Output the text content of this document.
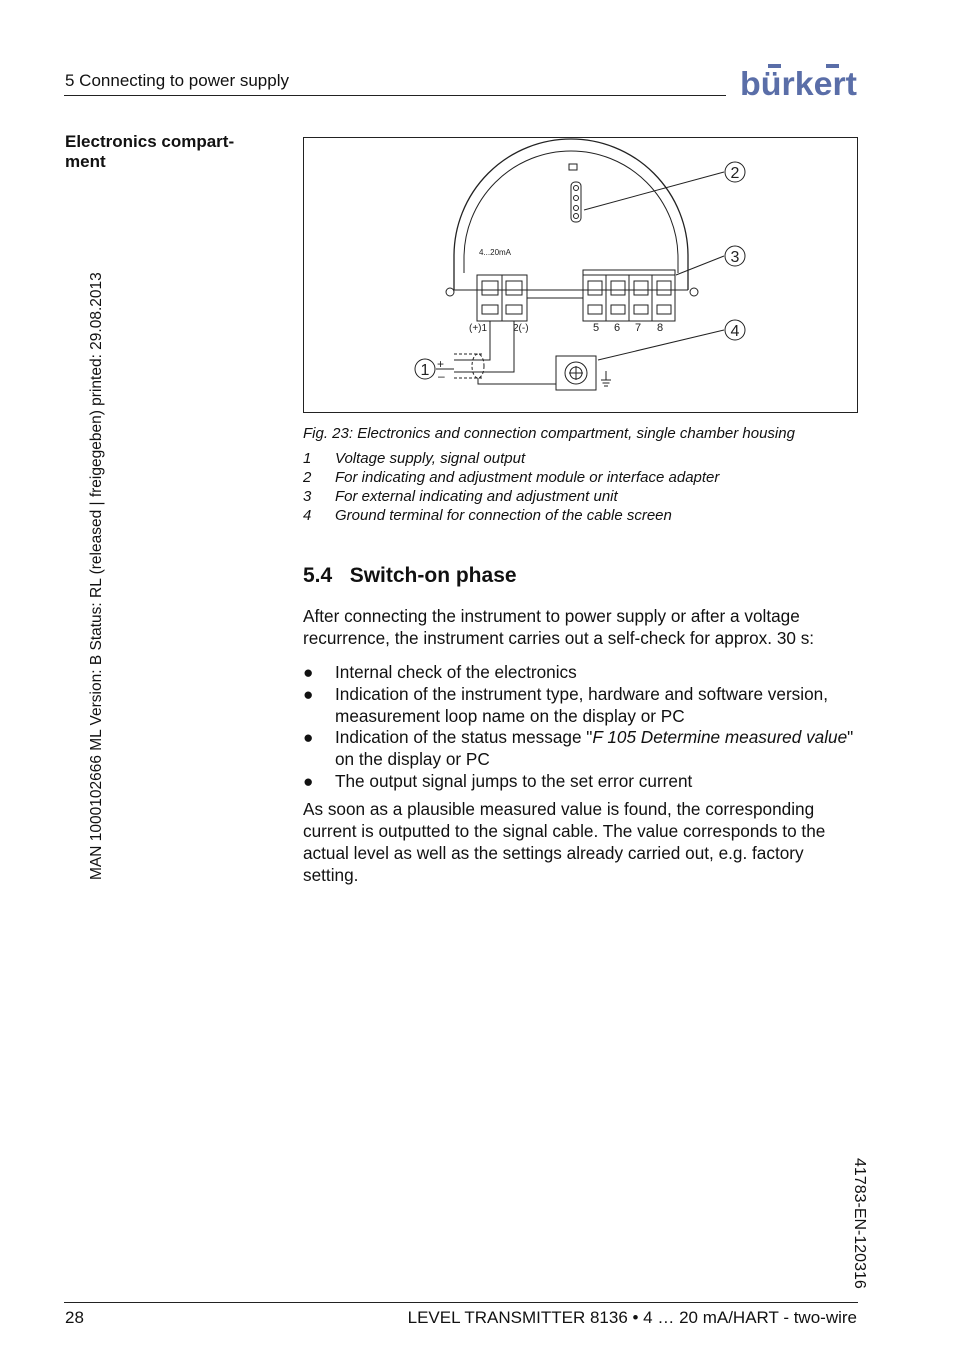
5 Connecting to power supply	bürkert
Electronics compart-
ment
MAN 1000102666 ML Version: B Status: RL (released | freigegeben) printed: 29.08.2013
4...20mA
(+)1	2(-)	5 6 7 8
+
–
2
3
4
1
Fig. 23: Electronics and connection compartment, single chamber housing
1 Voltage supply, signal output
2 For indicating and adjustment module or interface adapter
3 For external indicating and adjustment unit
4 Ground terminal for connection of the cable screen
5.4   Switch-on phase
After connecting the instrument to power supply or after a voltage recurrence, the instrument carries out a self-check for approx. 30 s:
● Internal check of the electronics
● Indication of the instrument type, hardware and software version, measurement loop name on the display or PC
● Indication of the status message "F 105 Determine measured value" on the display or PC
● The output signal jumps to the set error current
As soon as a plausible measured value is found, the corresponding current is outputted to the signal cable. The value corresponds to the actual level as well as the settings already carried out, e.g. factory setting.
41783-EN-120316
28	LEVEL TRANSMITTER 8136 • 4 … 20 mA/HART - two-wire
